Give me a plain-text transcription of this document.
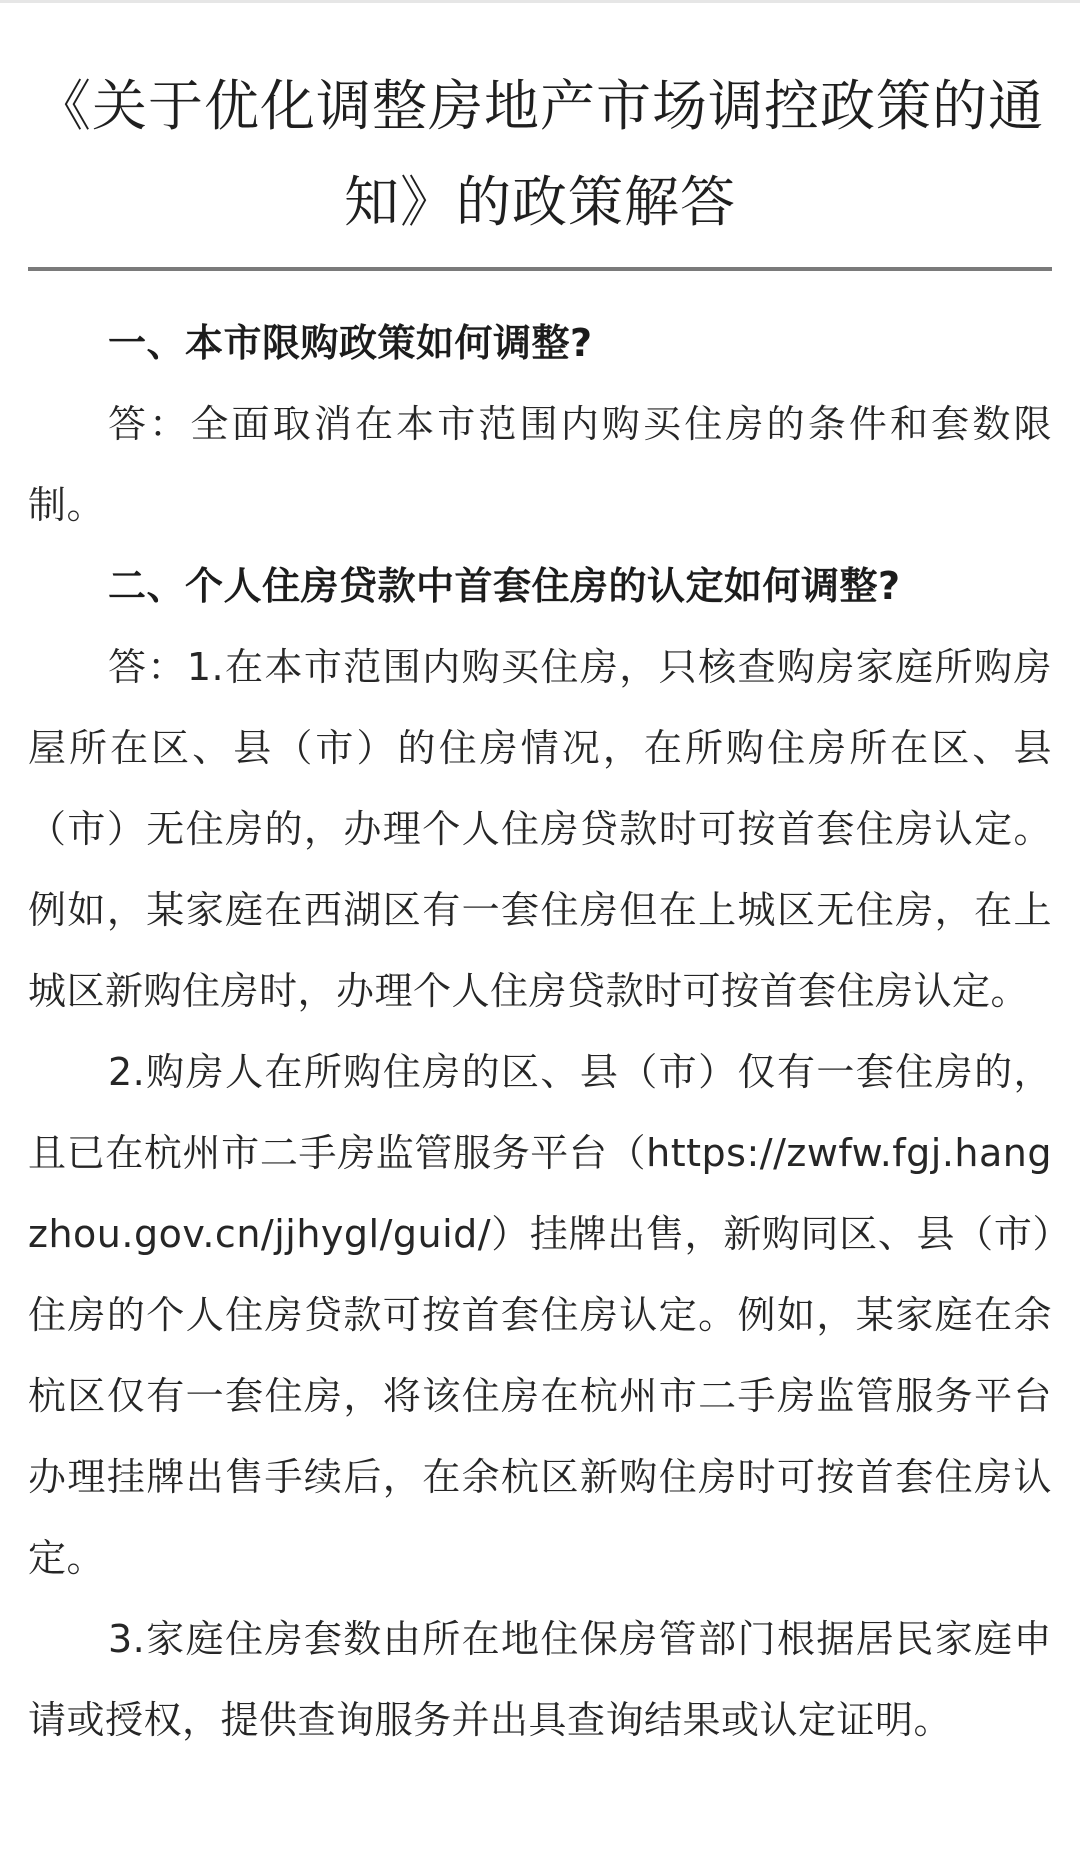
《关于优化调整房地产市场调控政策的通知》的政策解答

一、本市限购政策如何调整?

答：全面取消在本市范围内购买住房的条件和套数限制。

二、个人住房贷款中首套住房的认定如何调整?

答：1.在本市范围内购买住房，只核查购房家庭所购房屋所在区、县（市）的住房情况，在所购住房所在区、县（市）无住房的，办理个人住房贷款时可按首套住房认定。例如，某家庭在西湖区有一套住房但在上城区无住房，在上城区新购住房时，办理个人住房贷款时可按首套住房认定。

2.购房人在所购住房的区、县（市）仅有一套住房的，且已在杭州市二手房监管服务平台（https://zwfw.fgj.hangzhou.gov.cn/jjhygl/guid/）挂牌出售，新购同区、县（市）住房的个人住房贷款可按首套住房认定。例如，某家庭在余杭区仅有一套住房，将该住房在杭州市二手房监管服务平台办理挂牌出售手续后，在余杭区新购住房时可按首套住房认定。

3.家庭住房套数由所在地住保房管部门根据居民家庭申请或授权，提供查询服务并出具查询结果或认定证明。
